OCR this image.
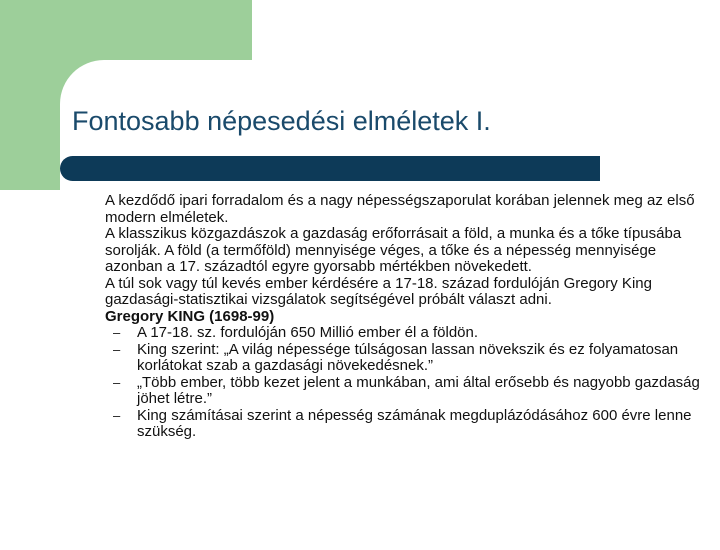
Fontosabb népesedési elméletek I.

A kezdődő ipari forradalom és a nagy népességszaporulat korában jelennek meg az első modern elméletek.

A klasszikus közgazdászok a gazdaság erőforrásait a föld, a munka és a tőke típusába sorolják. A föld (a termőföld) mennyisége véges, a tőke és a népesség mennyisége azonban a 17. századtól egyre gyorsabb mértékben növekedett.

A túl sok vagy túl kevés ember kérdésére a 17-18. század fordulóján Gregory King gazdasági-statisztikai vizsgálatok segítségével próbált választ adni.

Gregory KING (1698-99)

– A 17-18. sz. fordulóján 650 Millió ember él a földön.
– King szerint: „A világ népessége túlságosan lassan növekszik és ez folyamatosan korlátokat szab a gazdasági növekedésnek.”
– „Több ember, több kezet jelent a munkában, ami által erősebb és nagyobb gazdaság jöhet létre.”
– King számításai szerint a népesség számának megduplázódásához 600 évre lenne szükség.
